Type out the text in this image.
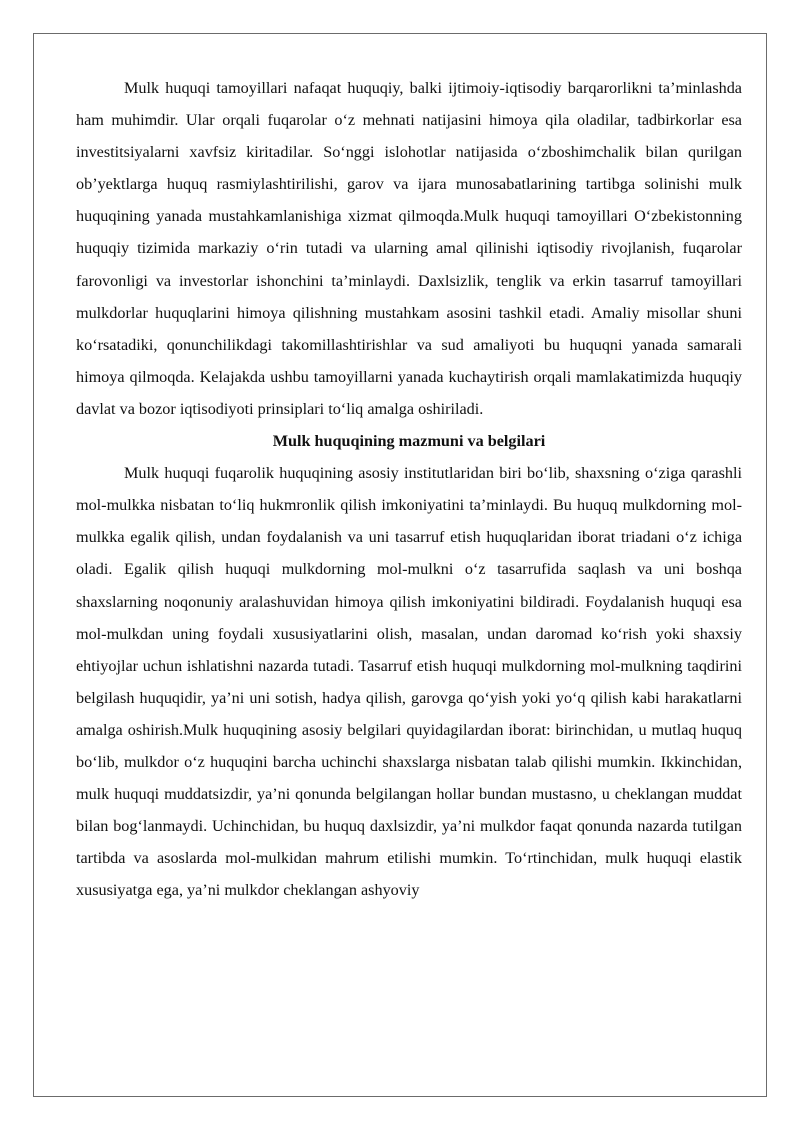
Mulk huquqi tamoyillari nafaqat huquqiy, balki ijtimoiy-iqtisodiy barqarorlikni ta’minlashda ham muhimdir. Ular orqali fuqarolar o‘z mehnati natijasini himoya qila oladilar, tadbirkorlar esa investitsiyalarni xavfsiz kiritadilar. So‘nggi islohotlar natijasida o‘zboshimchalik bilan qurilgan ob’yektlarga huquq rasmiylashtirilishi, garov va ijara munosabatlarining tartibga solinishi mulk huquqining yanada mustahkamlanishiga xizmat qilmoqda.Mulk huquqi tamoyillari O‘zbekistonning huquqiy tizimida markaziy o‘rin tutadi va ularning amal qilinishi iqtisodiy rivojlanish, fuqarolar farovonligi va investorlar ishonchini ta’minlaydi. Daxlsizlik, tenglik va erkin tasarruf tamoyillari mulkdorlar huquqlarini himoya qilishning mustahkam asosini tashkil etadi. Amaliy misollar shuni ko‘rsatadiki, qonunchilikdagi takomillashtirishlar va sud amaliyoti bu huquqni yanada samarali himoya qilmoqda. Kelajakda ushbu tamoyillarni yanada kuchaytirish orqali mamlakatimizda huquqiy davlat va bozor iqtisodiyoti prinsiplari to‘liq amalga oshiriladi.

Mulk huquqining mazmuni va belgilari

Mulk huquqi fuqarolik huquqining asosiy institutlaridan biri bo‘lib, shaxsning o‘ziga qarashli mol-mulkka nisbatan to‘liq hukmronlik qilish imkoniyatini ta’minlaydi. Bu huquq mulkdorning mol-mulkka egalik qilish, undan foydalanish va uni tasarruf etish huquqlaridan iborat triadani o‘z ichiga oladi. Egalik qilish huquqi mulkdorning mol-mulkni o‘z tasarrufida saqlash va uni boshqa shaxslarning noqonuniy aralashuvidan himoya qilish imkoniyatini bildiradi. Foydalanish huquqi esa mol-mulkdan uning foydali xususiyatlarini olish, masalan, undan daromad ko‘rish yoki shaxsiy ehtiyojlar uchun ishlatishni nazarda tutadi. Tasarruf etish huquqi mulkdorning mol-mulkning taqdirini belgilash huquqidir, ya’ni uni sotish, hadya qilish, garovga qo‘yish yoki yo‘q qilish kabi harakatlarni amalga oshirish.Mulk huquqining asosiy belgilari quyidagilardan iborat: birinchidan, u mutlaq huquq bo‘lib, mulkdor o‘z huquqini barcha uchinchi shaxslarga nisbatan talab qilishi mumkin. Ikkinchidan, mulk huquqi muddatsizdir, ya’ni qonunda belgilangan hollar bundan mustasno, u cheklangan muddat bilan bog‘lanmaydi. Uchinchidan, bu huquq daxlsizdir, ya’ni mulkdor faqat qonunda nazarda tutilgan tartibda va asoslarda mol-mulkidan mahrum etilishi mumkin. To‘rtinchidan, mulk huquqi elastik xususiyatga ega, ya’ni mulkdor cheklangan ashyoviy
